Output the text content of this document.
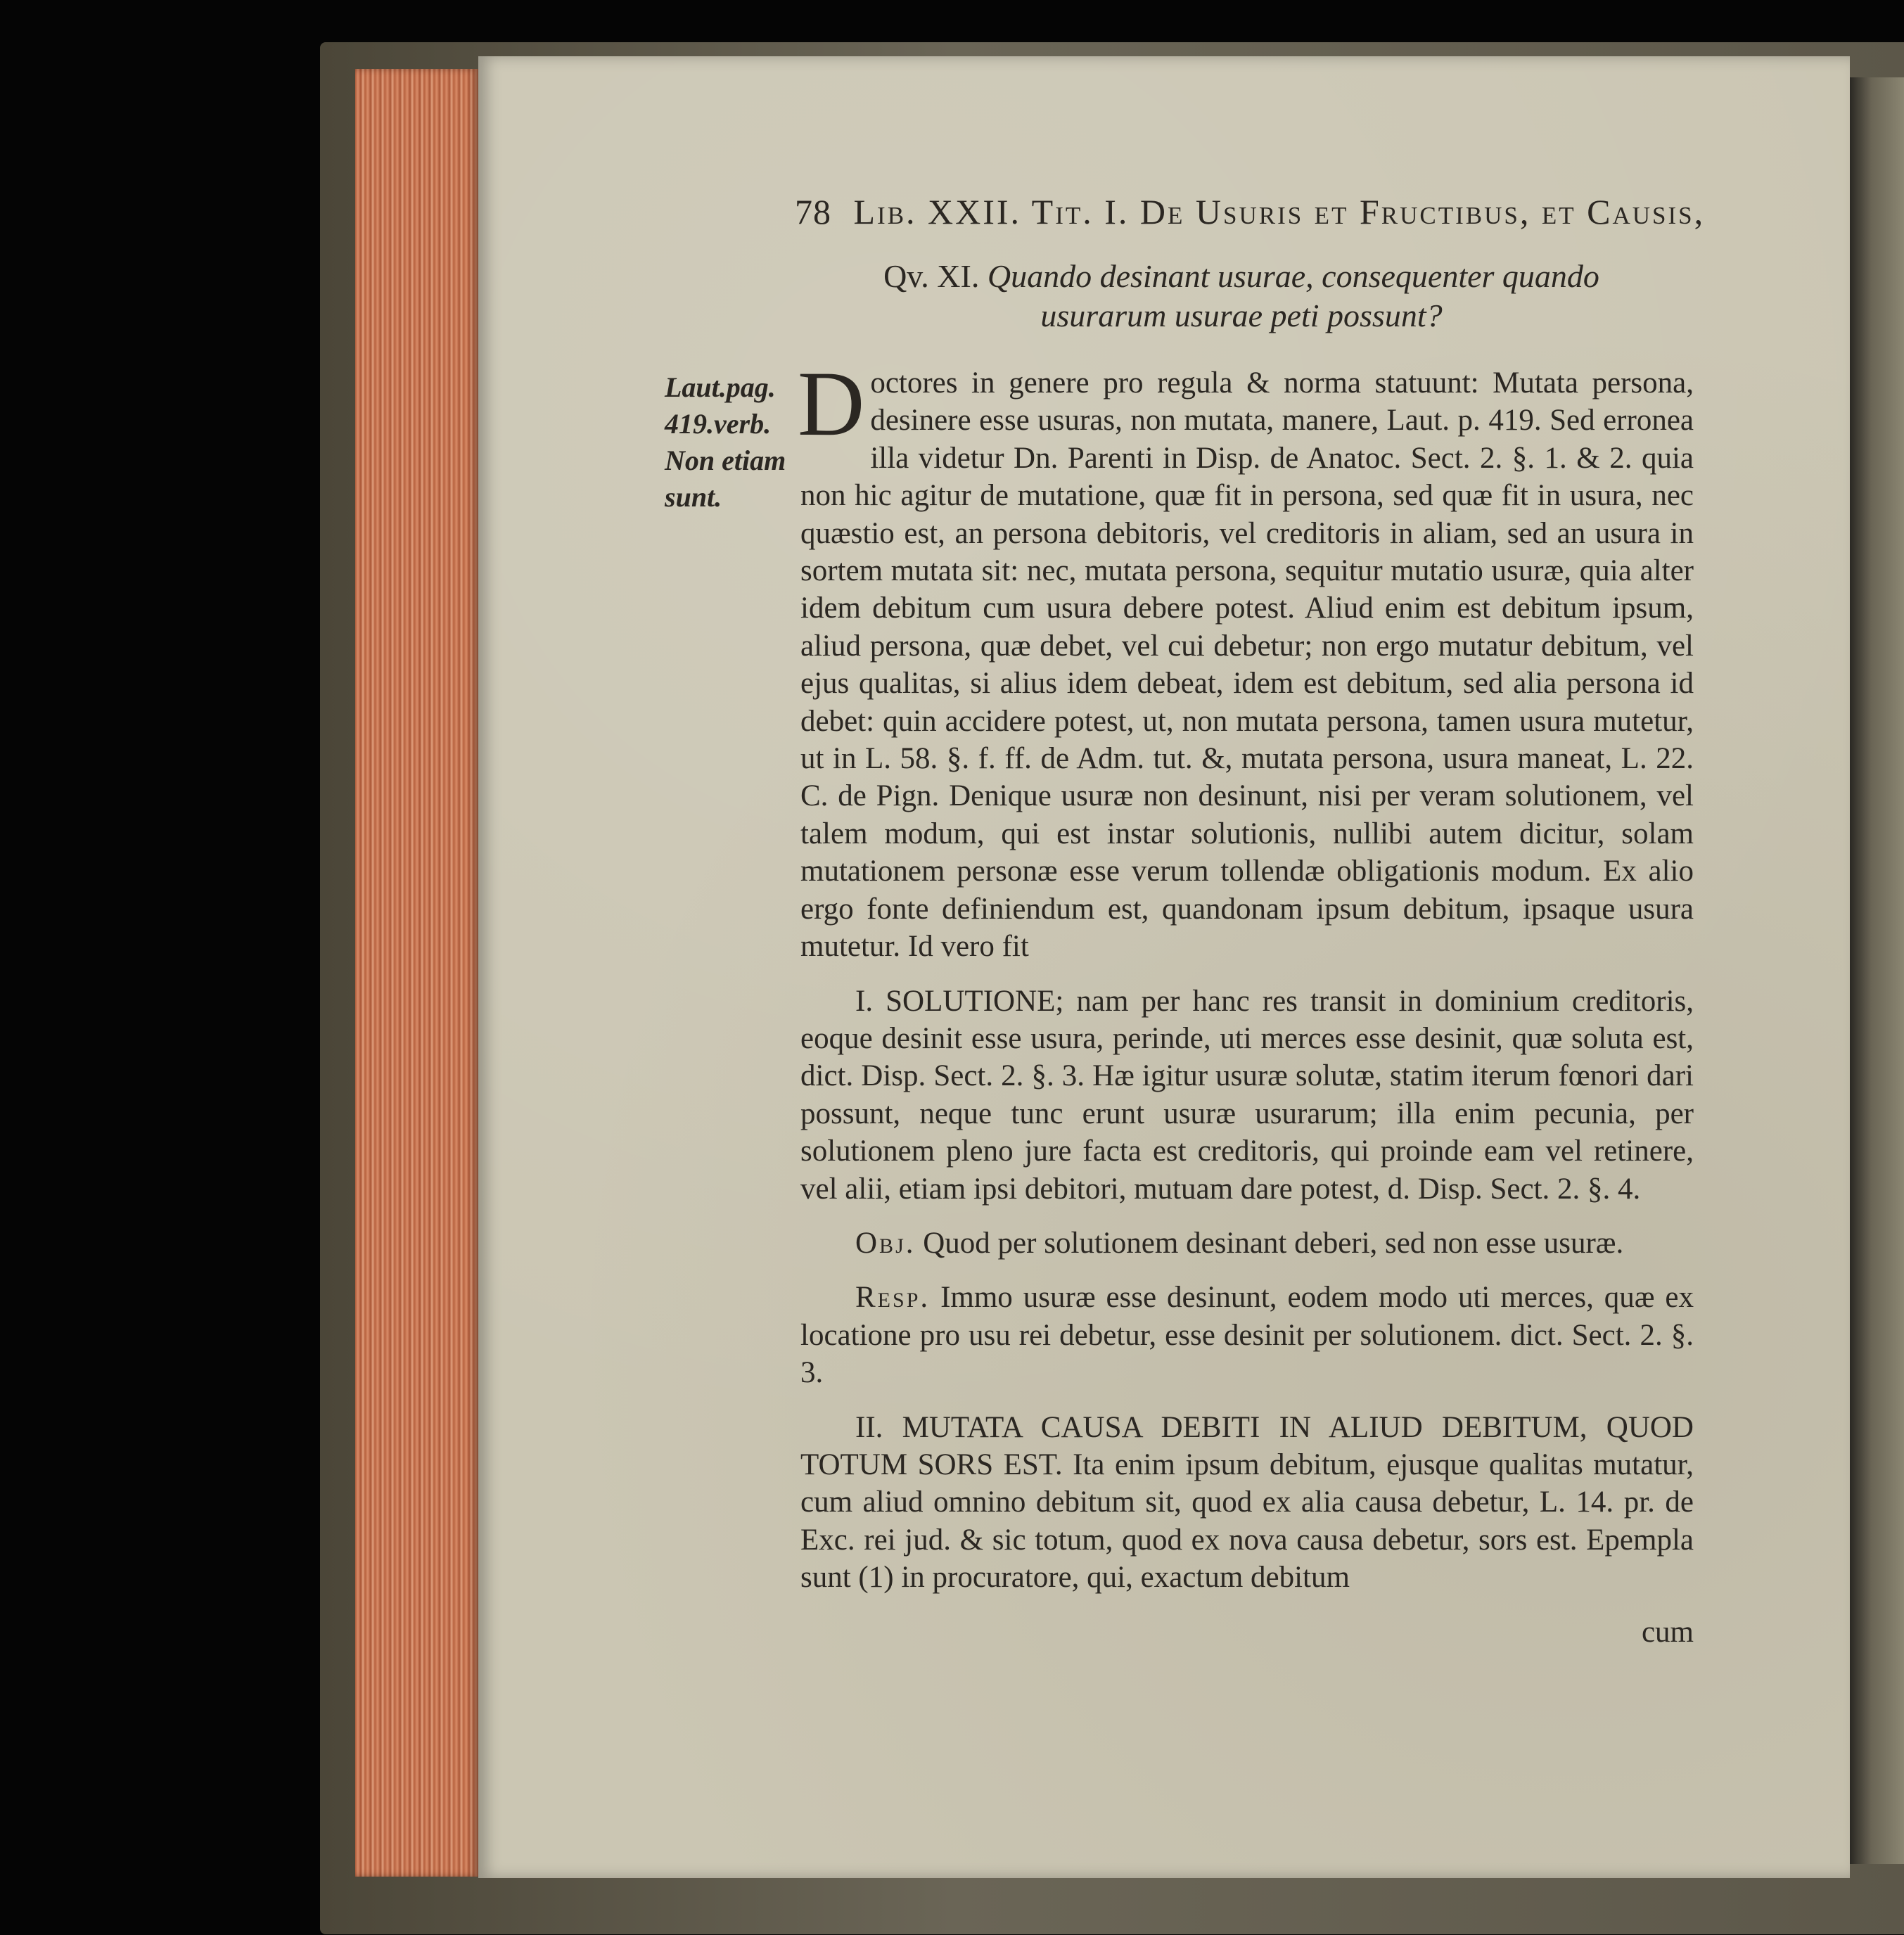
78 Lib. XXII. Tit. I. De Usuris et Fructibus, et Causis,
Qv. XI. Quando desinant usurae, consequenter quando usurarum usurae peti possunt?
Laut.pag. 419.verb. Non etiam sunt.

D octores in genere pro regula & norma statuunt: Mutata persona, desinere esse usuras, non mutata, manere, Laut. p. 419. Sed erronea illa videtur Dn. Parenti in Disp. de Anatoc. Sect. 2. §. 1. & 2. quia non hic agitur de mutatione, quæ fit in persona, sed quæ fit in usura, nec quæstio est, an persona debitoris, vel creditoris in aliam, sed an usura in sortem mutata sit: nec, mutata persona, sequitur mutatio usuræ, quia alter idem debitum cum usura debere potest. Aliud enim est debitum ipsum, aliud persona, quæ debet, vel cui debetur; non ergo mutatur debitum, vel ejus qualitas, si alius idem debeat, idem est debitum, sed alia persona id debet: quin accidere potest, ut, non mutata persona, tamen usura mutetur, ut in L. 58. §. f. ff. de Adm. tut. &, mutata persona, usura maneat, L. 22. C. de Pign. Denique usuræ non desinunt, nisi per veram solutionem, vel talem modum, qui est instar solutionis, nullibi autem dicitur, solam mutationem personæ esse verum tollendæ obligationis modum. Ex alio ergo fonte definiendum est, quandonam ipsum debitum, ipsaque usura mutetur. Id vero fit

I. SOLUTIONE; nam per hanc res transit in dominium creditoris, eoque desinit esse usura, perinde, uti merces esse desinit, quæ soluta est, dict. Disp. Sect. 2. §. 3. Hæ igitur usuræ solutæ, statim iterum fœnori dari possunt, neque tunc erunt usuræ usurarum; illa enim pecunia, per solutionem pleno jure facta est creditoris, qui proinde eam vel retinere, vel alii, etiam ipsi debitori, mutuam dare potest, d. Disp. Sect. 2. §. 4.

Obj. Quod per solutionem desinant deberi, sed non esse usuræ.

Resp. Immo usuræ esse desinunt, eodem modo uti merces, quæ ex locatione pro usu rei debetur, esse desinit per solutionem. dict. Sect. 2. §. 3.

II. MUTATA CAUSA DEBITI IN ALIUD DEBITUM, QUOD TOTUM SORS EST. Ita enim ipsum debitum, ejusque qualitas mutatur, cum aliud omnino debitum sit, quod ex alia causa debetur, L. 14. pr. de Exc. rei jud. & sic totum, quod ex nova causa debetur, sors est. Epempla sunt (1) in procuratore, qui, exactum debitum

cum
